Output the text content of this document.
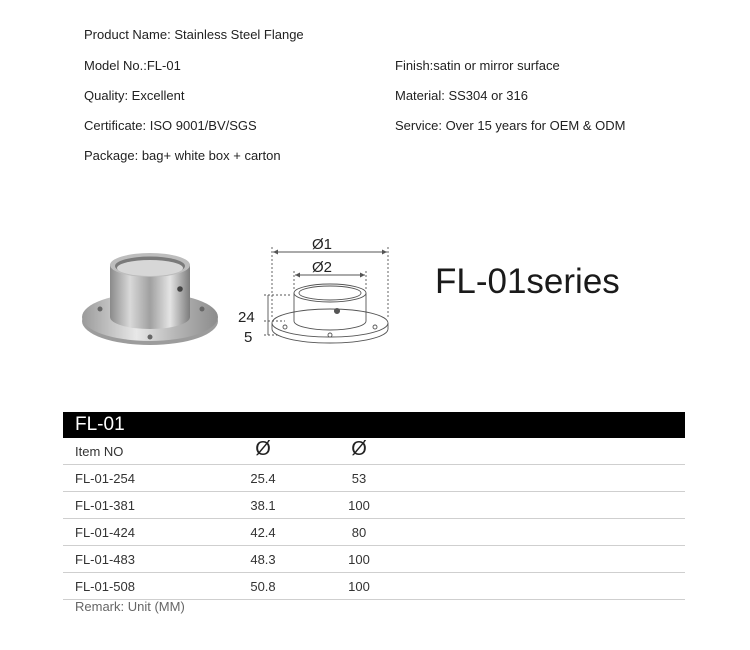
Product Name: Stainless Steel Flange
Model No.:FL-01
Quality: Excellent
Certificate: ISO 9001/BV/SGS
Package: bag+ white box + carton
Finish:satin or mirror surface
Material: SS304 or 316
Service: Over 15 years for OEM & ODM
Ø1
Ø2
24
5
FL-01series
FL-01
Item NO	Ø	Ø
FL-01-254	25.4	53
FL-01-381	38.1	100
FL-01-424	42.4	80
FL-01-483	48.3	100
FL-01-508	50.8	100
Remark: Unit (MM)
